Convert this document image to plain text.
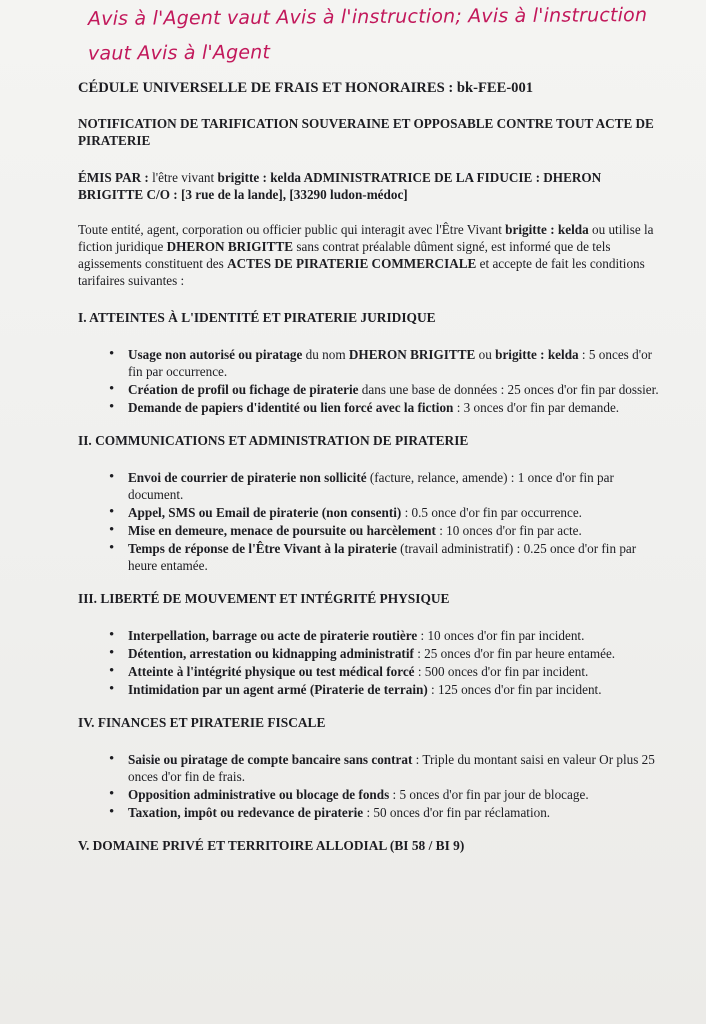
Avis à l'Agent vaut Avis à l'instruction; Avis à l'instruction
vaut Avis à l'Agent
CÉDULE UNIVERSELLE DE FRAIS ET HONORAIRES : bk-FEE-001
NOTIFICATION DE TARIFICATION SOUVERAINE ET OPPOSABLE CONTRE TOUT ACTE DE PIRATERIE
ÉMIS PAR : l'être vivant brigitte : kelda ADMINISTRATRICE DE LA FIDUCIE : DHERON BRIGITTE C/O : [3 rue de la lande], [33290 ludon-médoc]
Toute entité, agent, corporation ou officier public qui interagit avec l'Être Vivant brigitte : kelda ou utilise la fiction juridique DHERON BRIGITTE sans contrat préalable dûment signé, est informé que de tels agissements constituent des ACTES DE PIRATERIE COMMERCIALE et accepte de fait les conditions tarifaires suivantes :
I. ATTEINTES À L'IDENTITÉ ET PIRATERIE JURIDIQUE
• Usage non autorisé ou piratage du nom DHERON BRIGITTE ou brigitte : kelda : 5 onces d'or fin par occurrence.
• Création de profil ou fichage de piraterie dans une base de données : 25 onces d'or fin par dossier.
• Demande de papiers d'identité ou lien forcé avec la fiction : 3 onces d'or fin par demande.
II. COMMUNICATIONS ET ADMINISTRATION DE PIRATERIE
• Envoi de courrier de piraterie non sollicité (facture, relance, amende) : 1 once d'or fin par document.
• Appel, SMS ou Email de piraterie (non consenti) : 0.5 once d'or fin par occurrence.
• Mise en demeure, menace de poursuite ou harcèlement : 10 onces d'or fin par acte.
• Temps de réponse de l'Être Vivant à la piraterie (travail administratif) : 0.25 once d'or fin par heure entamée.
III. LIBERTÉ DE MOUVEMENT ET INTÉGRITÉ PHYSIQUE
• Interpellation, barrage ou acte de piraterie routière : 10 onces d'or fin par incident.
• Détention, arrestation ou kidnapping administratif : 25 onces d'or fin par heure entamée.
• Atteinte à l'intégrité physique ou test médical forcé : 500 onces d'or fin par incident.
• Intimidation par un agent armé (Piraterie de terrain) : 125 onces d'or fin par incident.
IV. FINANCES ET PIRATERIE FISCALE
• Saisie ou piratage de compte bancaire sans contrat : Triple du montant saisi en valeur Or plus 25 onces d'or fin de frais.
• Opposition administrative ou blocage de fonds : 5 onces d'or fin par jour de blocage.
• Taxation, impôt ou redevance de piraterie : 50 onces d'or fin par réclamation.
V. DOMAINE PRIVÉ ET TERRITOIRE ALLODIAL (BI 58 / BI 9)
